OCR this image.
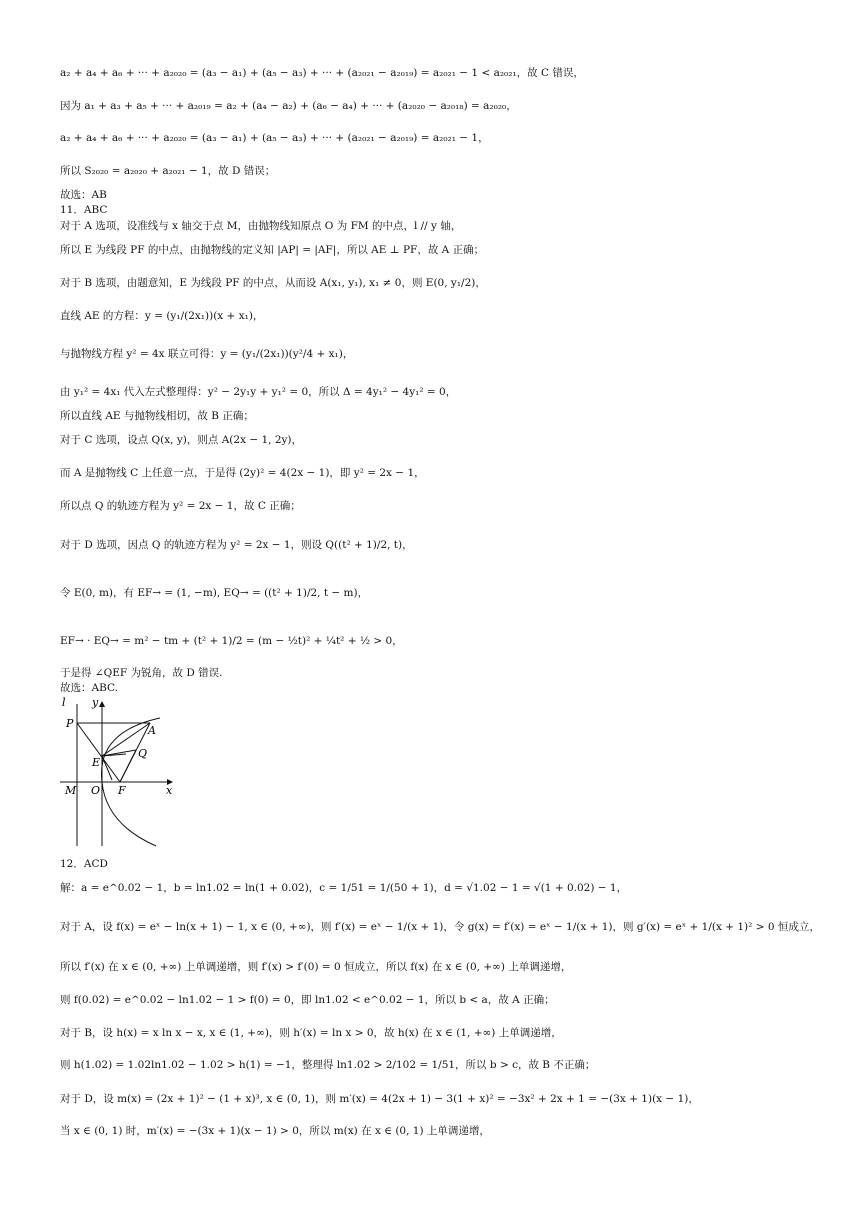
a₂ + a₄ + a₆ + ··· + a₂₀₂₀ = (a₃ − a₁) + (a₅ − a₃) + ··· + (a₂₀₂₁ − a₂₀₁₉) = a₂₀₂₁ − 1 < a₂₀₂₁，故 C 错误，
因为 a₁ + a₃ + a₅ + ··· + a₂₀₁₉ = a₂ + (a₄ − a₂) + (a₆ − a₄) + ··· + (a₂₀₂₀ − a₂₀₁₈) = a₂₀₂₀，
a₂ + a₄ + a₆ + ··· + a₂₀₂₀ = (a₃ − a₁) + (a₅ − a₃) + ··· + (a₂₀₂₁ − a₂₀₁₉) = a₂₀₂₁ − 1，
所以 S₂₀₂₀ = a₂₀₂₀ + a₂₀₂₁ − 1，故 D 错误；
故选：AB
11．ABC
对于 A 选项，设准线与 x 轴交于点 M，由抛物线知原点 O 为 FM 的中点，l // y 轴，
所以 E 为线段 PF 的中点，由抛物线的定义知 |AP| = |AF|，所以 AE ⊥ PF，故 A 正确；
对于 B 选项，由题意知，E 为线段 PF 的中点，从而设 A(x₁, y₁), x₁ ≠ 0，则 E(0, y₁/2)，
直线 AE 的方程：y = (y₁/(2x₁))(x + x₁)，
与抛物线方程 y² = 4x 联立可得：y = (y₁/(2x₁))(y²/4 + x₁)，
由 y₁² = 4x₁ 代入左式整理得：y² − 2y₁y + y₁² = 0，所以 Δ = 4y₁² − 4y₁² = 0，
所以直线 AE 与抛物线相切，故 B 正确；
对于 C 选项，设点 Q(x, y)，则点 A(2x − 1, 2y)，
而 A 是抛物线 C 上任意一点，于是得 (2y)² = 4(2x − 1)，即 y² = 2x − 1，
所以点 Q 的轨迹方程为 y² = 2x − 1，故 C 正确；
对于 D 选项，因点 Q 的轨迹方程为 y² = 2x − 1，则设 Q((t² + 1)/2, t)，
令 E(0, m)，有 EF→ = (1, −m), EQ→ = ((t² + 1)/2, t − m)，
EF→ · EQ→ = m² − tm + (t² + 1)/2 = (m − ½t)² + ¼t² + ½ > 0，
于是得 ∠QEF 为锐角，故 D 错误.
故选：ABC.
12．ACD
解：a = e^0.02 − 1，b = ln1.02 = ln(1 + 0.02)，c = 1/51 = 1/(50 + 1)，d = √1.02 − 1 = √(1 + 0.02) − 1，
对于 A，设 f(x) = eˣ − ln(x + 1) − 1, x ∈ (0, +∞)，则 f′(x) = eˣ − 1/(x + 1)，令 g(x) = f′(x) = eˣ − 1/(x + 1)，则 g′(x) = eˣ + 1/(x + 1)² > 0 恒成立，
所以 f′(x) 在 x ∈ (0, +∞) 上单调递增，则 f′(x) > f′(0) = 0 恒成立，所以 f(x) 在 x ∈ (0, +∞) 上单调递增，
则 f(0.02) = e^0.02 − ln1.02 − 1 > f(0) = 0，即 ln1.02 < e^0.02 − 1，所以 b < a，故 A 正确；
对于 B，设 h(x) = x ln x − x, x ∈ (1, +∞)，则 h′(x) = ln x > 0，故 h(x) 在 x ∈ (1, +∞) 上单调递增，
则 h(1.02) = 1.02ln1.02 − 1.02 > h(1) = −1，整理得 ln1.02 > 2/102 = 1/51，所以 b > c，故 B 不正确；
对于 D，设 m(x) = (2x + 1)² − (1 + x)³, x ∈ (0, 1)，则 m′(x) = 4(2x + 1) − 3(1 + x)² = −3x² + 2x + 1 = −(3x + 1)(x − 1)，
当 x ∈ (0, 1) 时，m′(x) = −(3x + 1)(x − 1) > 0，所以 m(x) 在 x ∈ (0, 1) 上单调递增，
l y
P
A
Q
E
M O F	x
